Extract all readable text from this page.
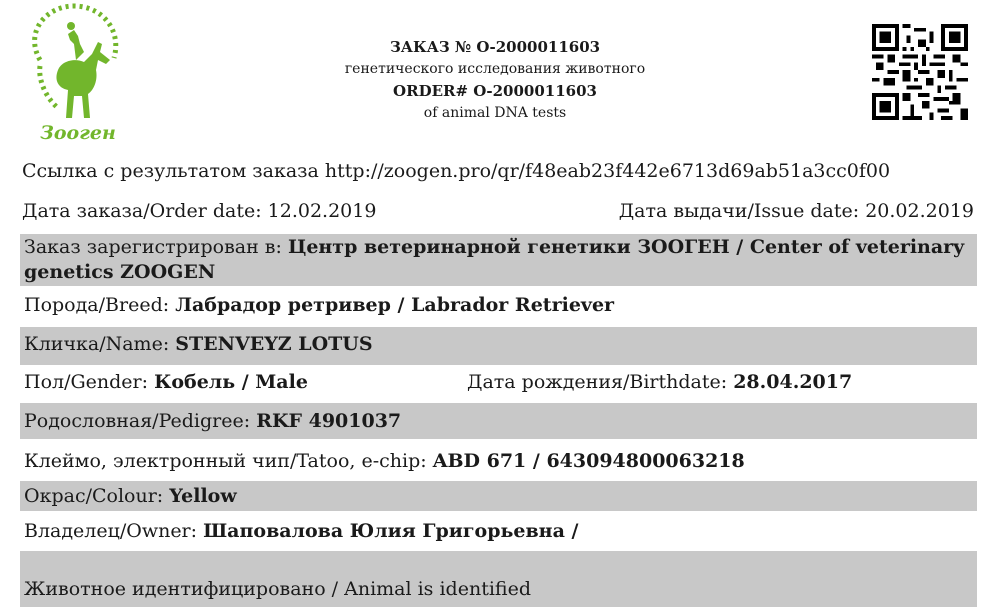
Зооген
ЗАКАЗ № О-2000011603
генетического исследования животного
ORDER# О-2000011603
of animal DNA tests
Ссылка с результатом заказа http://zoogen.pro/qr/f48eab23f442e6713d69ab51a3cc0f00
Дата заказа/Order date: 12.02.2019	Дата выдачи/Issue date: 20.02.2019
Заказ зарегистрирован в: Центр ветеринарной генетики ЗООГЕН / Center of veterinary genetics ZOOGEN
Порода/Breed: Лабрадор ретривер / Labrador Retriever
Кличка/Name: STENVEYZ LOTUS
Пол/Gender: Кобель / Male	Дата рождения/Birthdate: 28.04.2017
Родословная/Pedigree: RKF 4901037
Клеймо, электронный чип/Tatoo, e-chip: ABD 671 / 643094800063218
Окрас/Colour: Yellow
Владелец/Owner: Шаповалова Юлия Григорьевна /
Животное идентифицировано / Animal is identified
